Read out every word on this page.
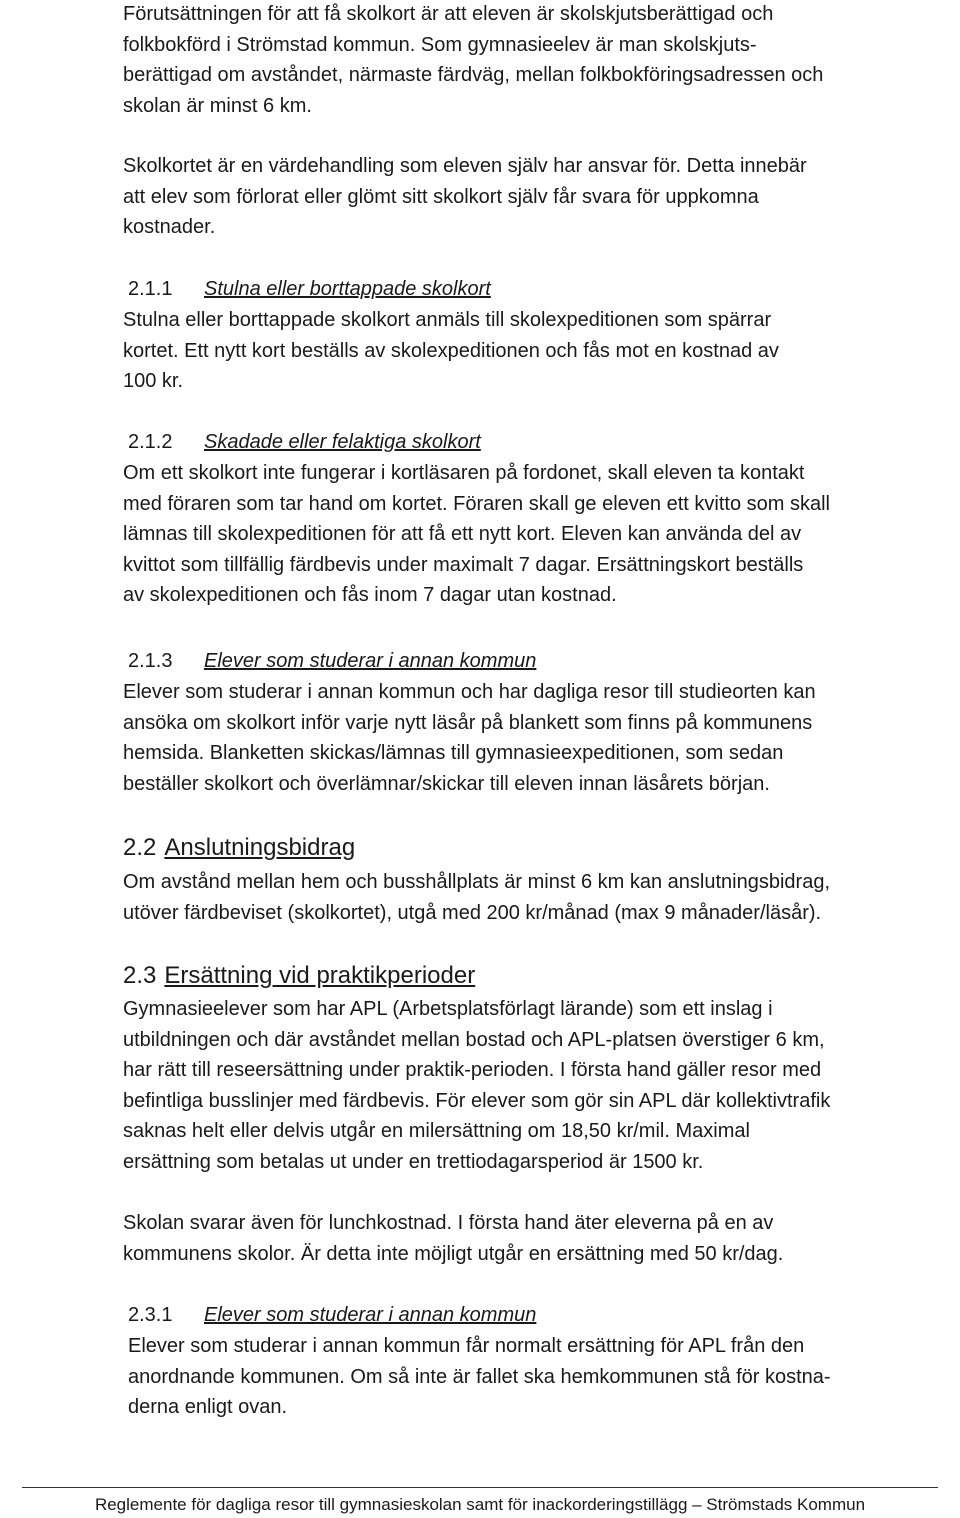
Förutsättningen för att få skolkort är att eleven är skolskjutsberättigad och
folkbokförd i Strömstad kommun. Som gymnasieelev är man skolskjuts-
berättigad om avståndet, närmaste färdväg, mellan folkbokföringsadressen och
skolan är minst 6 km.
Skolkortet är en värdehandling som eleven själv har ansvar för. Detta innebär
att elev som förlorat eller glömt sitt skolkort själv får svara för uppkomna
kostnader.
2.1.1 Stulna eller borttappade skolkort
Stulna eller borttappade skolkort anmäls till skolexpeditionen som spärrar
kortet. Ett nytt kort beställs av skolexpeditionen och fås mot en kostnad av
100 kr.
2.1.2 Skadade eller felaktiga skolkort
Om ett skolkort inte fungerar i kortläsaren på fordonet, skall eleven ta kontakt
med föraren som tar hand om kortet. Föraren skall ge eleven ett kvitto som skall
lämnas till skolexpeditionen för att få ett nytt kort. Eleven kan använda del av
kvittot som tillfällig färdbevis under maximalt 7 dagar. Ersättningskort beställs
av skolexpeditionen och fås inom 7 dagar utan kostnad.
2.1.3 Elever som studerar i annan kommun
Elever som studerar i annan kommun och har dagliga resor till studieorten kan
ansöka om skolkort inför varje nytt läsår på blankett som finns på kommunens
hemsida. Blanketten skickas/lämnas till gymnasieexpeditionen, som sedan
beställer skolkort och överlämnar/skickar till eleven innan läsårets början.
2.2 Anslutningsbidrag
Om avstånd mellan hem och busshållplats är minst 6 km kan anslutningsbidrag,
utöver färdbeviset (skolkortet), utgå med 200 kr/månad (max 9 månader/läsår).
2.3 Ersättning vid praktikperioder
Gymnasieelever som har APL (Arbetsplatsförlagt lärande) som ett inslag i
utbildningen och där avståndet mellan bostad och APL-platsen överstiger 6 km,
har rätt till reseersättning under praktik-perioden. I första hand gäller resor med
befintliga busslinjer med färdbevis. För elever som gör sin APL där kollektivtrafik
saknas helt eller delvis utgår en milersättning om 18,50 kr/mil. Maximal
ersättning som betalas ut under en trettiodagarsperiod är 1500 kr.
Skolan svarar även för lunchkostnad. I första hand äter eleverna på en av
kommunens skolor. Är detta inte möjligt utgår en ersättning med 50 kr/dag.
2.3.1 Elever som studerar i annan kommun
Elever som studerar i annan kommun får normalt ersättning för APL från den
anordnande kommunen. Om så inte är fallet ska hemkommunen stå för kostna-
derna enligt ovan.
Reglemente för dagliga resor till gymnasieskolan samt för inackorderingstillägg – Strömstads Kommun
